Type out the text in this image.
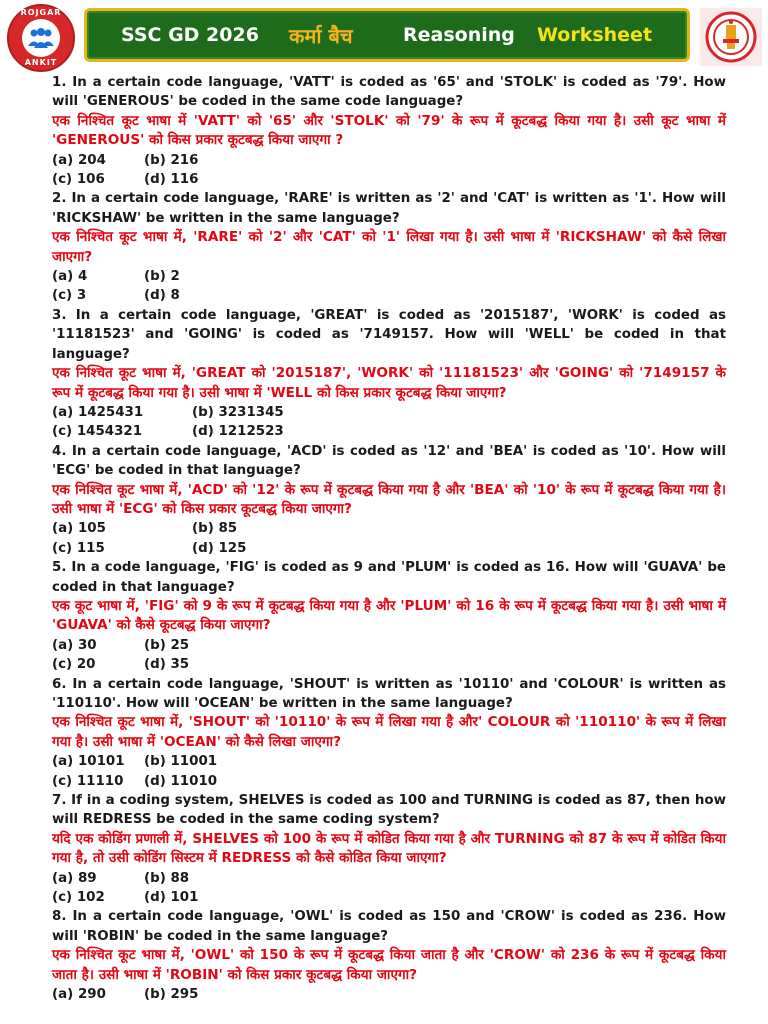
ROJGAR
ANKIT
SSC GD 2026 कर्मा बैच	Reasoning Worksheet

1. In a certain code language, 'VATT' is coded as '65' and 'STOLK' is coded as '79'. How will 'GENEROUS' be coded in the same code language?

एक निश्चित कूट भाषा में 'VATT' को '65' और 'STOLK' को '79' के रूप में कूटबद्ध किया गया है। उसी कूट भाषा में 'GENEROUS' को किस प्रकार कूटबद्ध किया जाएगा ?

(a) 204	(b) 216
(c) 106	(d) 116

2. In a certain code language, 'RARE' is written as '2' and 'CAT' is written as '1'. How will 'RICKSHAW' be written in the same language?

एक निश्चित कूट भाषा में, 'RARE' को '2' और 'CAT' को '1' लिखा गया है। उसी भाषा में 'RICKSHAW' को कैसे लिखा जाएगा?

(a) 4	(b) 2
(c) 3	(d) 8

3. In a certain code language, 'GREAT' is coded as '2015187', 'WORK' is coded as '11181523' and 'GOING' is coded as '7149157. How will 'WELL' be coded in that language?

एक निश्चित कूट भाषा में, 'GREAT को '2015187', 'WORK' को '11181523' और 'GOING' को '7149157 के रूप में कूटबद्ध किया गया है। उसी भाषा में 'WELL को किस प्रकार कूटबद्ध किया जाएगा?

(a) 1425431	(b) 3231345
(c) 1454321	(d) 1212523

4. In a certain code language, 'ACD' is coded as '12' and 'BEA' is coded as '10'. How will 'ECG' be coded in that language?

एक निश्चित कूट भाषा में, 'ACD' को '12' के रूप में कूटबद्ध किया गया है और 'BEA' को '10' के रूप में कूटबद्ध किया गया है। उसी भाषा में 'ECG' को किस प्रकार कूटबद्ध किया जाएगा?

(a) 105	(b) 85
(c) 115	(d) 125

5. In a code language, 'FIG' is coded as 9 and 'PLUM' is coded as 16. How will 'GUAVA' be coded in that language?

एक कूट भाषा में, 'FIG' को 9 के रूप में कूटबद्ध किया गया है और 'PLUM' को 16 के रूप में कूटबद्ध किया गया है। उसी भाषा में 'GUAVA' को कैसे कूटबद्ध किया जाएगा?

(a) 30	(b) 25
(c) 20	(d) 35

6. In a certain code language, 'SHOUT' is written as '10110' and 'COLOUR' is written as '110110'. How will 'OCEAN' be written in the same language?

एक निश्चित कूट भाषा में, 'SHOUT' को '10110' के रूप में लिखा गया है और' COLOUR को '110110' के रूप में लिखा गया है। उसी भाषा में 'OCEAN' को कैसे लिखा जाएगा?

(a) 10101	(b) 11001
(c) 11110	(d) 11010

7. If in a coding system, SHELVES is coded as 100 and TURNING is coded as 87, then how will REDRESS be coded in the same coding system?

यदि एक कोडिंग प्रणाली में, SHELVES को 100 के रूप में कोडित किया गया है और TURNING को 87 के रूप में कोडित किया गया है, तो उसी कोडिंग सिस्टम में REDRESS को कैसे कोडित किया जाएगा?

(a) 89	(b) 88
(c) 102	(d) 101

8. In a certain code language, 'OWL' is coded as 150 and 'CROW' is coded as 236. How will 'ROBIN' be coded in the same language?

एक निश्चित कूट भाषा में, 'OWL' को 150 के रूप में कूटबद्ध किया जाता है और 'CROW' को 236 के रूप में कूटबद्ध किया जाता है। उसी भाषा में 'ROBIN' को किस प्रकार कूटबद्ध किया जाएगा?

(a) 290	(b) 295
